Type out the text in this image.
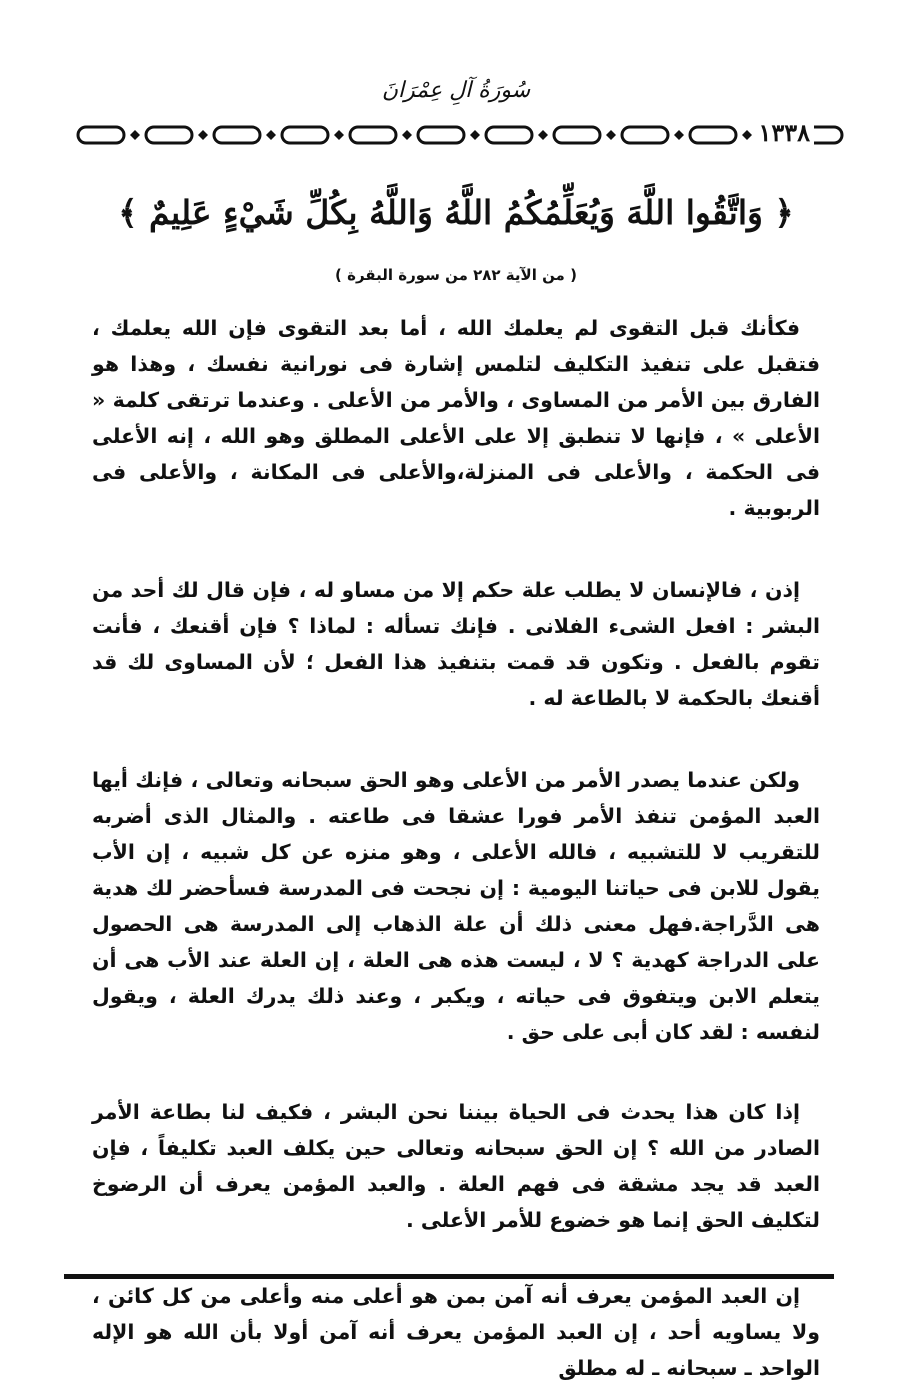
سُورَةُ آلِ عِمْرَانَ
١٣٣٨
﴿ وَاتَّقُوا اللَّهَ وَيُعَلِّمُكُمُ اللَّهُ وَاللَّهُ بِكُلِّ شَيْءٍ عَلِيمٌ ﴾
( من الآية ٢٨٢ من سورة البقرة )

فكأنك قبل التقوى لم يعلمك الله ، أما بعد التقوى فإن الله يعلمك ، فتقبل على تنفيذ التكليف لتلمس إشارة فى نورانية نفسك ، وهذا هو الفارق بين الأمر من المساوى ، والأمر من الأعلى . وعندما ترتقى كلمة « الأعلى » ، فإنها لا تنطبق إلا على الأعلى المطلق وهو الله ، إنه الأعلى فى الحكمة ، والأعلى فى المنزلة،والأعلى فى المكانة ، والأعلى فى الربوبية .

إذن ، فالإنسان لا يطلب علة حكم إلا من مساو له ، فإن قال لك أحد من البشر : افعل الشىء الفلانى . فإنك تسأله : لماذا ؟ فإن أقنعك ، فأنت تقوم بالفعل . وتكون قد قمت بتنفيذ هذا الفعل ؛ لأن المساوى لك قد أقنعك بالحكمة لا بالطاعة له .

ولكن عندما يصدر الأمر من الأعلى وهو الحق سبحانه وتعالى ، فإنك أيها العبد المؤمن تنفذ الأمر فورا عشقا فى طاعته . والمثال الذى أضربه للتقريب لا للتشبيه ، فالله الأعلى ، وهو منزه عن كل شبيه ، إن الأب يقول للابن فى حياتنا اليومية : إن نجحت فى المدرسة فسأحضر لك هدية هى الدَّراجة.فهل معنى ذلك أن علة الذهاب إلى المدرسة هى الحصول على الدراجة كهدية ؟ لا ، ليست هذه هى العلة ، إن العلة عند الأب هى أن يتعلم الابن ويتفوق فى حياته ، ويكبر ، وعند ذلك يدرك العلة ، ويقول لنفسه : لقد كان أبى على حق .

إذا كان هذا يحدث فى الحياة بيننا نحن البشر ، فكيف لنا بطاعة الأمر الصادر من الله ؟ إن الحق سبحانه وتعالى حين يكلف العبد تكليفاً ، فإن العبد قد يجد مشقة فى فهم العلة . والعبد المؤمن يعرف أن الرضوخ لتكليف الحق إنما هو خضوع للأمر الأعلى .

إن العبد المؤمن يعرف أنه آمن بمن هو أعلى منه وأعلى من كل كائن ، ولا يساويه أحد ، إن العبد المؤمن يعرف أنه آمن أولا بأن الله هو الإله الواحد ـ سبحانه ـ له مطلق
